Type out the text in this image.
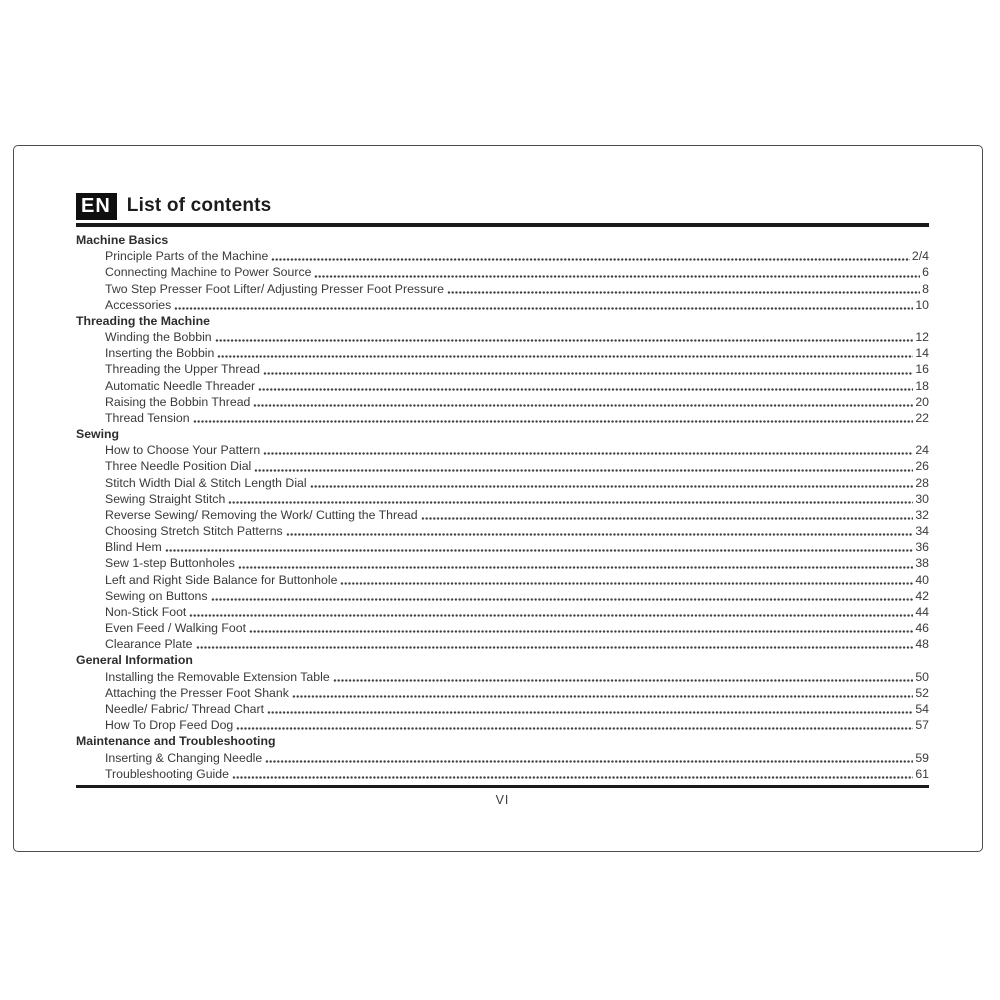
EN List of contents
Machine Basics
Principle Parts of the Machine	2/4
Connecting Machine to Power Source	6
Two Step Presser Foot Lifter/ Adjusting Presser Foot Pressure	8
Accessories	10
Threading the Machine
Winding the Bobbin	12
Inserting the Bobbin	14
Threading the Upper Thread	16
Automatic Needle Threader	18
Raising the Bobbin Thread	20
Thread Tension	22
Sewing
How to Choose Your Pattern	24
Three Needle Position Dial	26
Stitch Width Dial & Stitch Length Dial	28
Sewing Straight Stitch	30
Reverse Sewing/ Removing the Work/ Cutting the Thread	32
Choosing Stretch Stitch Patterns	34
Blind Hem	36
Sew 1-step Buttonholes	38
Left and Right Side Balance for Buttonhole	40
Sewing on Buttons	42
Non-Stick Foot	44
Even Feed / Walking Foot	46
Clearance Plate	48
General Information
Installing the Removable Extension Table	50
Attaching the Presser Foot Shank	52
Needle/ Fabric/ Thread Chart	54
How To Drop Feed Dog	57
Maintenance and Troubleshooting
Inserting & Changing Needle	59
Troubleshooting Guide	61
VI
